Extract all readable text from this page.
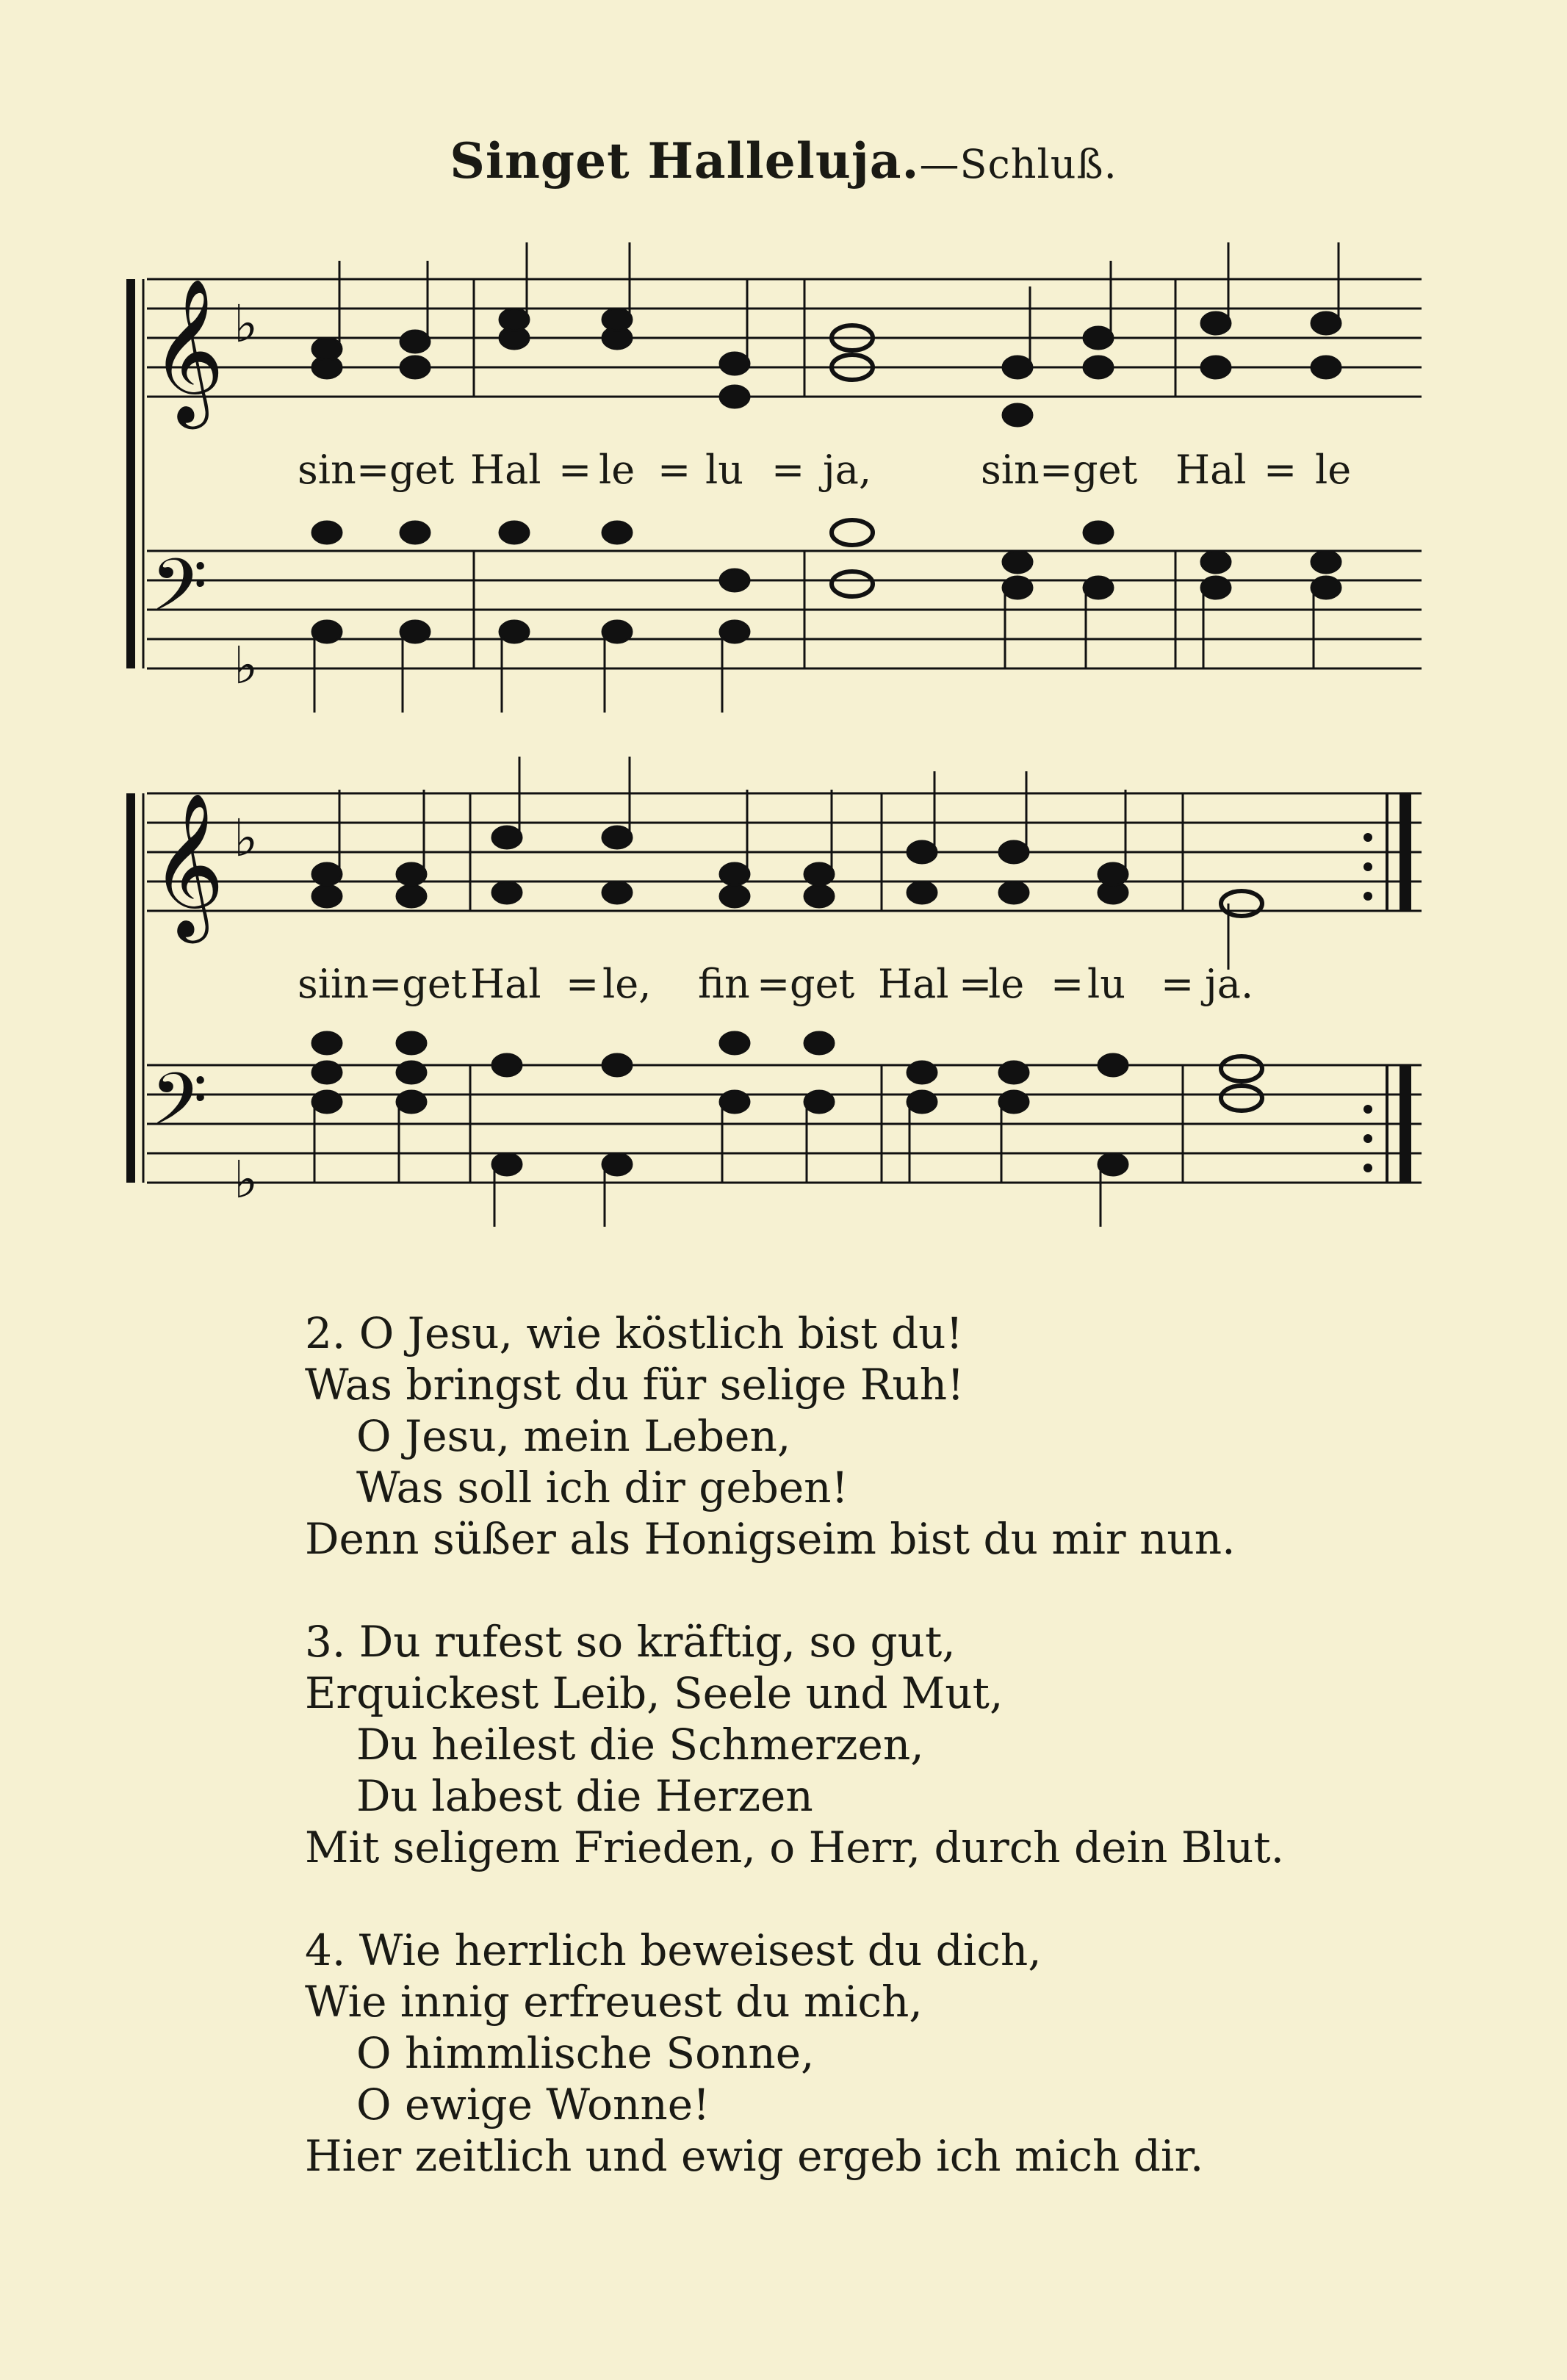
Singet Halleluja.—Schluß.
𝄞 ♭
𝄢
♭
sin = get Hal = le = lu = ja,	sin = get Hal = le
𝄞 ♭
𝄢
♭
siin=get Hal = le, fin = get Hal =
le = lu = ja.
2. O Jesu, wie köstlich bist du!
Was bringst du für selige Ruh!
O Jesu, mein Leben,
Was soll ich dir geben!
Denn süßer als Honigseim bist du mir nun.
3. Du rufest so kräftig, so gut,
Erquickest Leib, Seele und Mut,
Du heilest die Schmerzen,
Du labest die Herzen
Mit seligem Frieden, o Herr, durch dein Blut.
4. Wie herrlich beweisest du dich,
Wie innig erfreuest du mich,
O himmlische Sonne,
O ewige Wonne!
Hier zeitlich und ewig ergeb ich mich dir.
